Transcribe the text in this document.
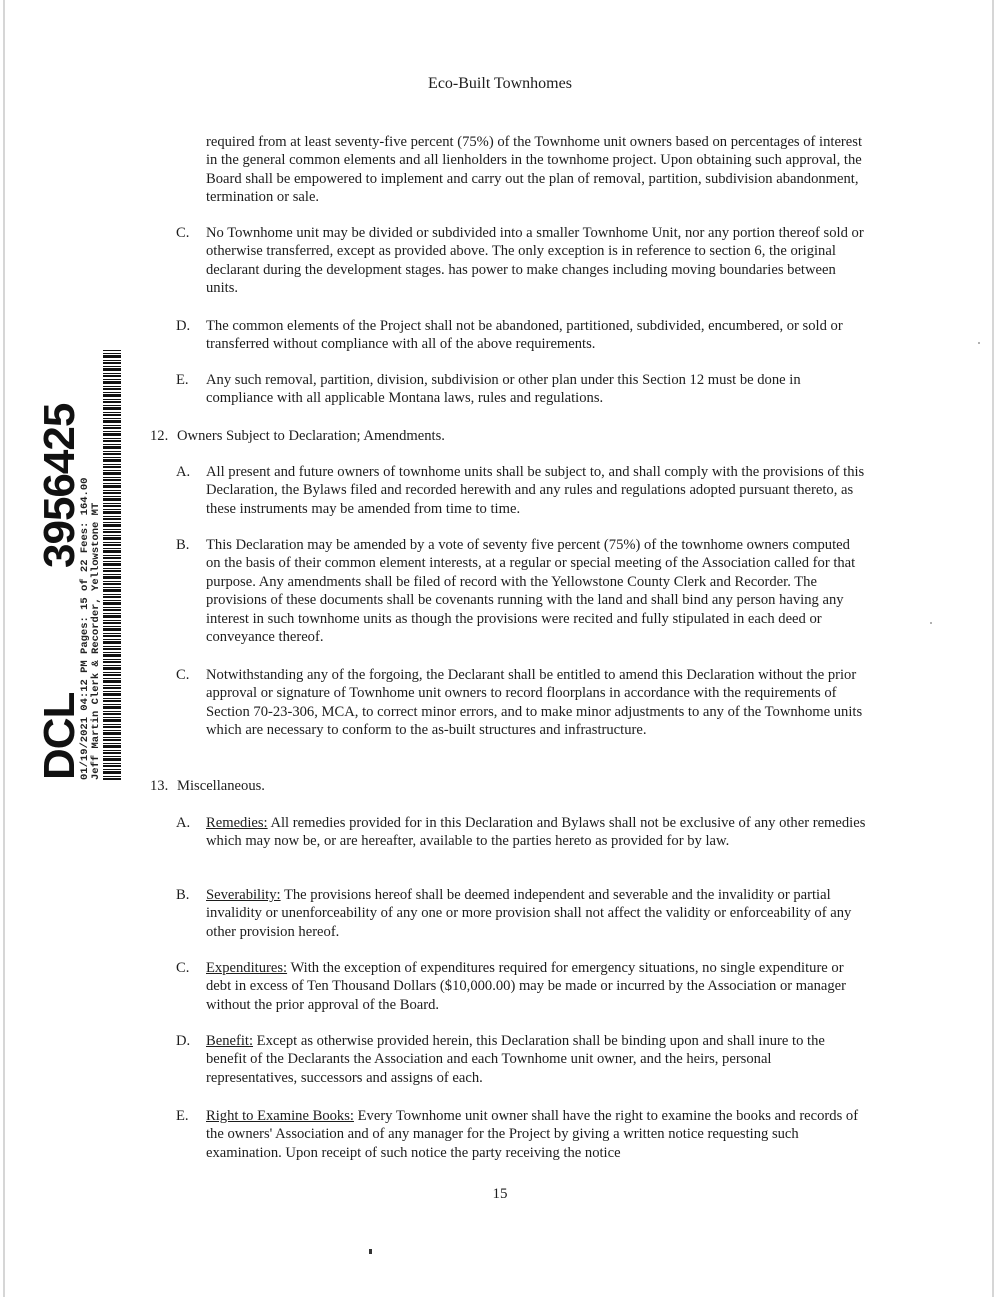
Eco-Built Townhomes

required from at least seventy-five percent (75%) of the Townhome unit owners based on percentages of interest in the general common elements and all lienholders in the townhome project. Upon obtaining such approval, the Board shall be empowered to implement and carry out the plan of removal, partition, subdivision abandonment, termination or sale.

C. No Townhome unit may be divided or subdivided into a smaller Townhome Unit, nor any portion thereof sold or otherwise transferred, except as provided above. The only exception is in reference to section 6, the original declarant during the development stages. has power to make changes including moving boundaries between units.

D. The common elements of the Project shall not be abandoned, partitioned, subdivided, encumbered, or sold or transferred without compliance with all of the above requirements.

E. Any such removal, partition, division, subdivision or other plan under this Section 12 must be done in compliance with all applicable Montana laws, rules and regulations.

12. Owners Subject to Declaration; Amendments.
A. All present and future owners of townhome units shall be subject to, and shall comply with the provisions of this Declaration, the Bylaws filed and recorded herewith and any rules and regulations adopted pursuant thereto, as these instruments may be amended from time to time.

B. This Declaration may be amended by a vote of seventy five percent (75%) of the townhome owners computed on the basis of their common element interests, at a regular or special meeting of the Association called for that purpose. Any amendments shall be filed of record with the Yellowstone County Clerk and Recorder. The provisions of these documents shall be covenants running with the land and shall bind any person having any interest in such townhome units as though the provisions were recited and fully stipulated in each deed or conveyance thereof.

C. Notwithstanding any of the forgoing, the Declarant shall be entitled to amend this Declaration without the prior approval or signature of Townhome unit owners to record floorplans in accordance with the requirements of Section 70-23-306, MCA, to correct minor errors, and to make minor adjustments to any of the Townhome units which are necessary to conform to the as-built structures and infrastructure.

13. Miscellaneous.
A. Remedies: All remedies provided for in this Declaration and Bylaws shall not be exclusive of any other remedies which may now be, or are hereafter, available to the parties hereto as provided for by law.

B. Severability: The provisions hereof shall be deemed independent and severable and the invalidity or partial invalidity or unenforceability of any one or more provision shall not affect the validity or enforceability of any other provision hereof.

C. Expenditures: With the exception of expenditures required for emergency situations, no single expenditure or debt in excess of Ten Thousand Dollars ($10,000.00) may be made or incurred by the Association or manager without the prior approval of the Board.

D. Benefit: Except as otherwise provided herein, this Declaration shall be binding upon and shall inure to the benefit of the Declarants the Association and each Townhome unit owner, and the heirs, personal representatives, successors and assigns of each.

E. Right to Examine Books: Every Townhome unit owner shall have the right to examine the books and records of the owners' Association and of any manager for the Project by giving a written notice requesting such examination. Upon receipt of such notice the party receiving the notice

15
DCL
3956425
01/19/2021 04:12 PM Pages: 15 of 22 Fees: 164.00 Jeff Martin Clerk & Recorder, Yellowstone MT
